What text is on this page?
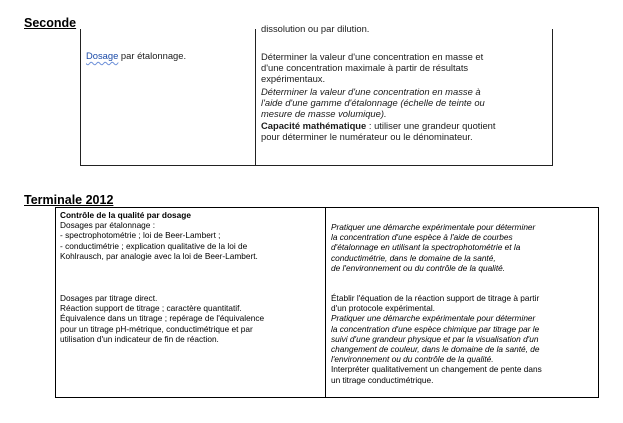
Seconde	dissolution ou par dilution.
Dosage par étalonnage.	Déterminer la valeur d'une concentration en masse et

d'une concentration maximale à partir de résultats

expérimentaux.

Déterminer la valeur d'une concentration en masse à

l'aide d'une gamme d'étalonnage (échelle de teinte ou

mesure de masse volumique).

Capacité mathématique : utiliser une grandeur quotient

pour déterminer le numérateur ou le dénominateur.

Terminale 2012

Contrôle de la qualité par dosage

Dosages par étalonnage :

- spectrophotométrie ; loi de Beer-Lambert ;

- conductimétrie ; explication qualitative de la loi de

Kohlrausch, par analogie avec la loi de Beer-Lambert.

Dosages par titrage direct.

Réaction support de titrage ; caractère quantitatif.

Équivalence dans un titrage ; repérage de l'équivalence

pour un titrage pH-métrique, conductimétrique et par

utilisation d'un indicateur de fin de réaction.

Pratiquer une démarche expérimentale pour déterminer

la concentration d'une espèce à l'aide de courbes

d'étalonnage en utilisant la spectrophotométrie et la

conductimétrie, dans le domaine de la santé,

de l'environnement ou du contrôle de la qualité.

Établir l'équation de la réaction support de titrage à partir

d'un protocole expérimental.

Pratiquer une démarche expérimentale pour déterminer

la concentration d'une espèce chimique par titrage par le

suivi d'une grandeur physique et par la visualisation d'un

changement de couleur, dans le domaine de la santé, de

l'environnement ou du contrôle de la qualité.

Interpréter qualitativement un changement de pente dans

un titrage conductimétrique.
